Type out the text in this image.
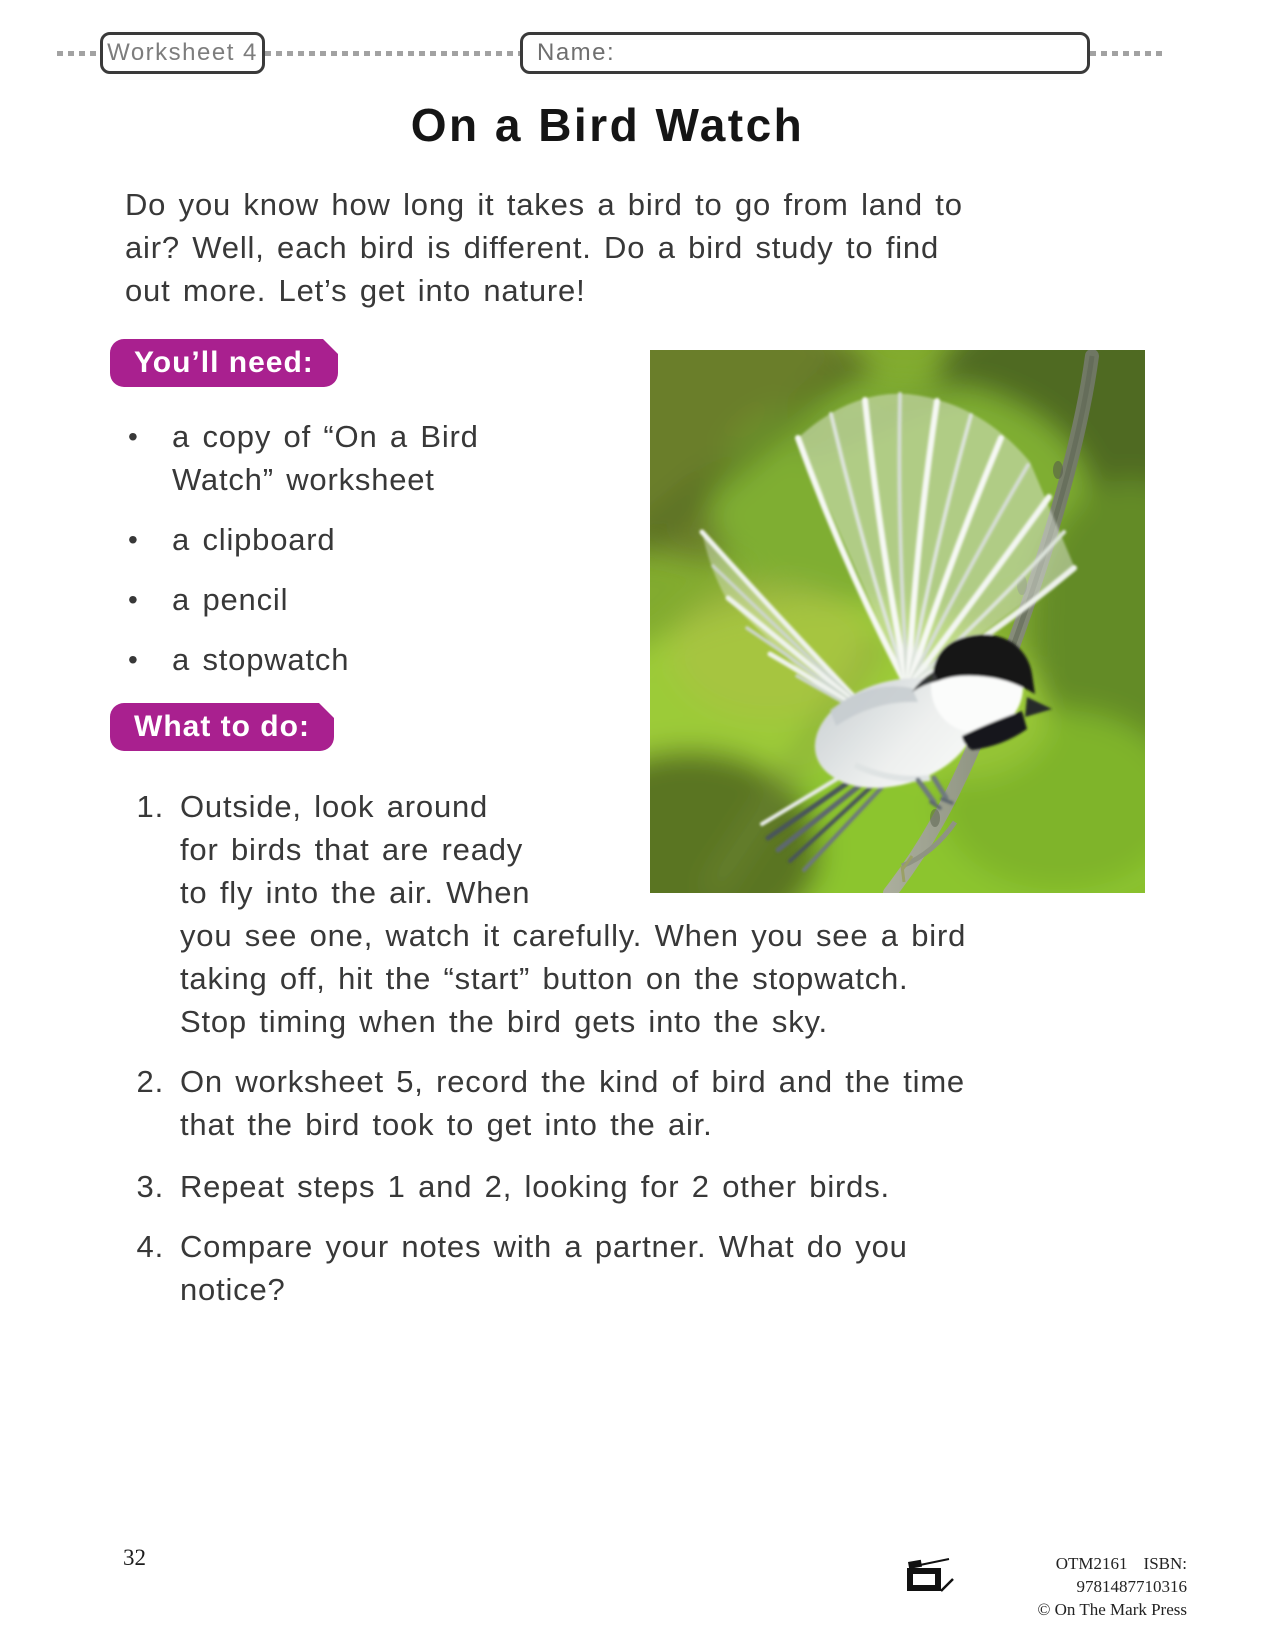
Worksheet 4	Name:
On a Bird Watch
Do you know how long it takes a bird to go from land to
air? Well, each bird is different. Do a bird study to find
out more. Let’s get into nature!
You’ll need:
• a copy of “On a Bird
Watch” worksheet
• a clipboard
• a pencil
• a stopwatch
What to do:
1. Outside, look around
for birds that are ready
to fly into the air. When
you see one, watch it carefully. When you see a bird
taking off, hit the “start” button on the stopwatch.
Stop timing when the bird gets into the sky.
2. On worksheet 5, record the kind of bird and the time
that the bird took to get into the air.
3. Repeat steps 1 and 2, looking for 2 other birds.
4. Compare your notes with a partner. What do you
notice?
32	OTM2161 ISBN: 9781487710316
© On The Mark Press
